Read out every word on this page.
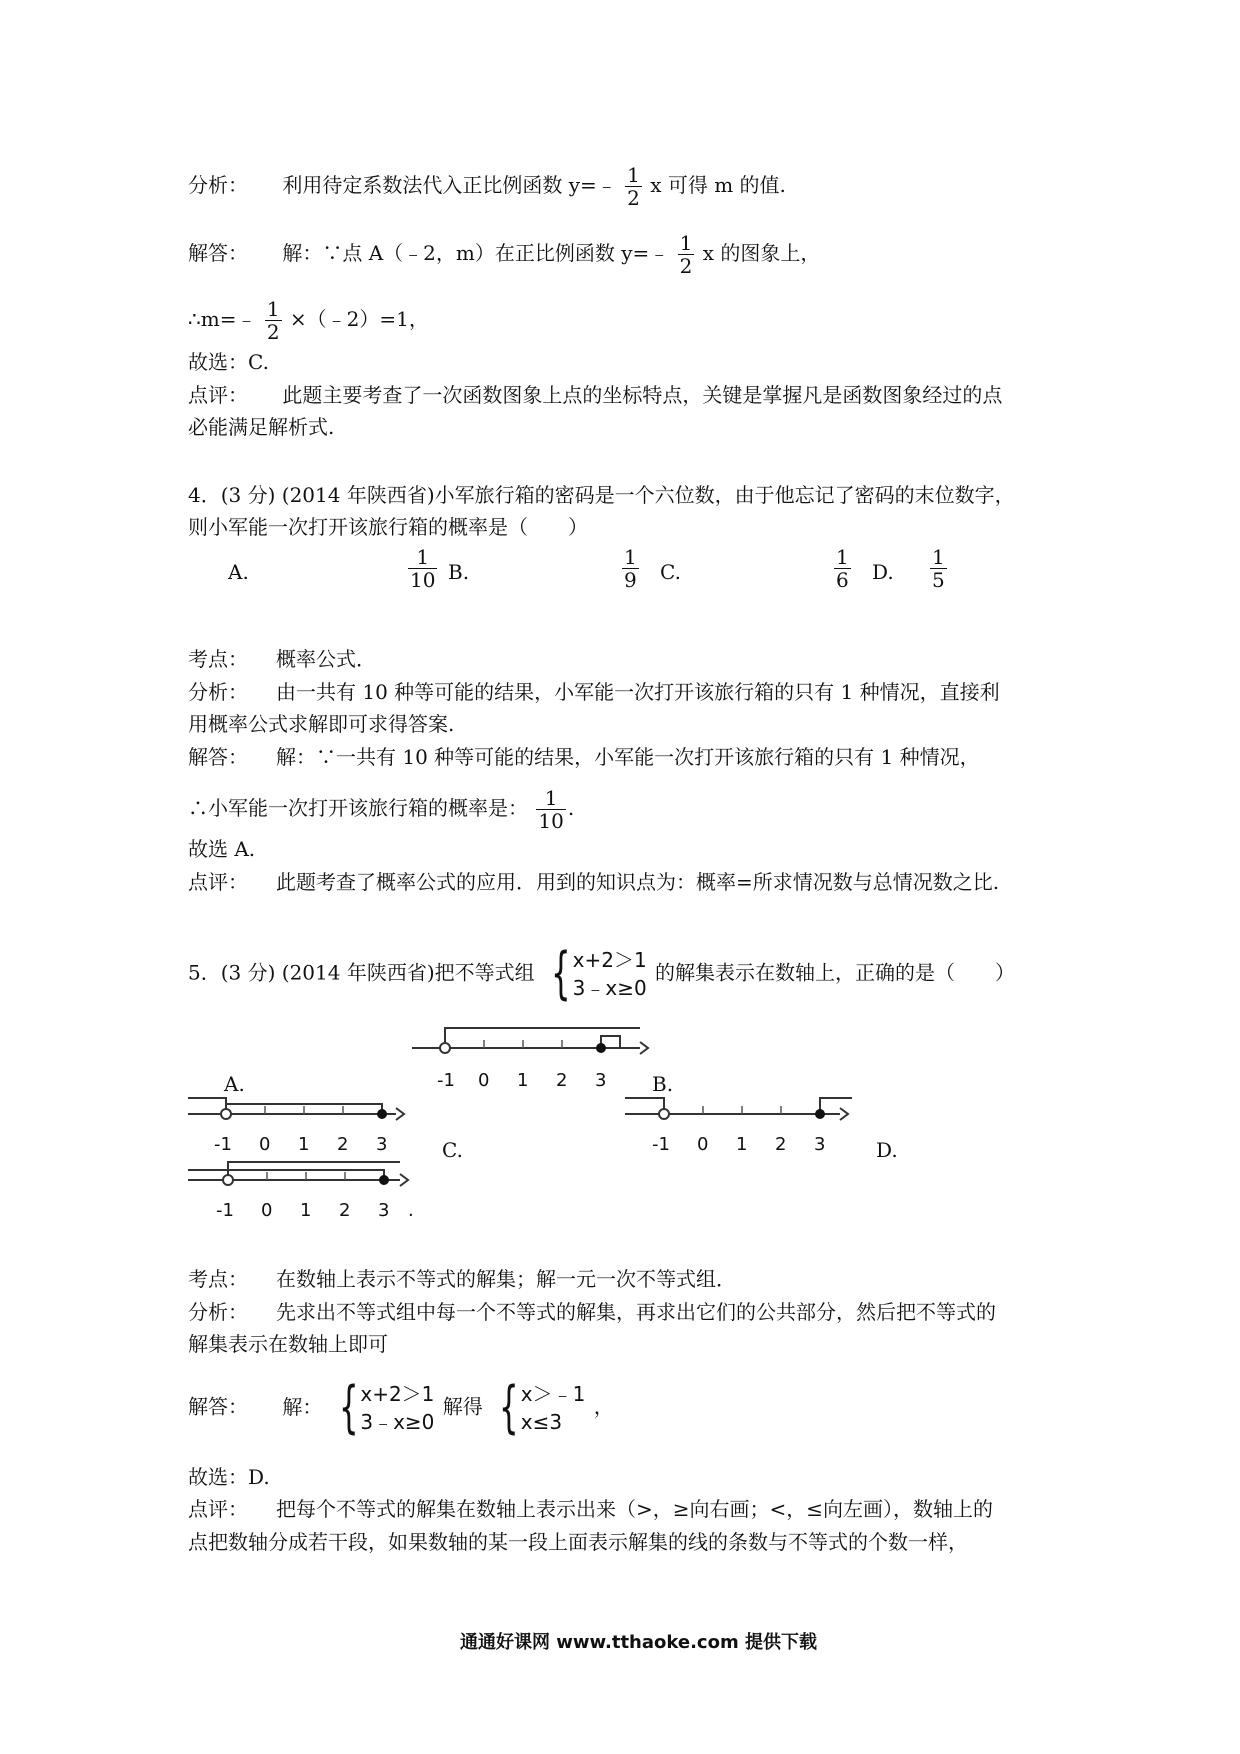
分析： 利用待定系数法代入正比例函数 y=﹣ $\frac{1}{2}$ x 可得 m 的值.
解答： 解：∵点 A（﹣2，m）在正比例函数 y=﹣ $\frac{1}{2}$ x 的图象上，
∴m=﹣ $\frac{1}{2}$ ×（﹣2）=1，
故选：C.
点评： 此题主要考查了一次函数图象上点的坐标特点，关键是掌握凡是函数图象经过的点
必能满足解析式.
4．(3 分) (2014 年陕西省)小军旅行箱的密码是一个六位数，由于他忘记了密码的末位数字，
则小军能一次打开该旅行箱的概率是（　　）
A.	$\frac{1}{10} B$.	$\frac{1}{9} C$.	$\frac{1}{6} D$. $\frac{1}{5}$
考点： 概率公式．
分析： 由一共有 10 种等可能的结果，小军能一次打开该旅行箱的只有 1 种情况，直接利
用概率公式求解即可求得答案.
解答： 解：∵一共有 10 种等可能的结果，小军能一次打开该旅行箱的只有 1 种情况，
∴小军能一次打开该旅行箱的概率是： $\frac{1}{10}$ .
故选 A.
点评： 此题考查了概率公式的应用．用到的知识点为：概率=所求情况数与总情况数之比.
5．(3 分) (2014 年陕西省)把不等式组 { x+2＞1
3﹣x≥0
的解集表示在数轴上，正确的是（　　）
-1 0 1 2 3
-1 0 1 2 3	-1 0 1 2 3
-1 0 1 2 3 .
A.	B.
C.	D.
考点： 在数轴上表示不等式的解集；解一元一次不等式组．
分析： 先求出不等式组中每一个不等式的解集，再求出它们的公共部分，然后把不等式的
解集表示在数轴上即可
解答： 解： { x+2＞1
3﹣x≥0
解得 { x＞﹣1
x≤3
，
故选：D.
点评： 把每个不等式的解集在数轴上表示出来（>，≥向右画；<，≤向左画），数轴上的
点把数轴分成若干段，如果数轴的某一段上面表示解集的线的条数与不等式的个数一样，
通通好课网 www.tthaoke.com 提供下载
